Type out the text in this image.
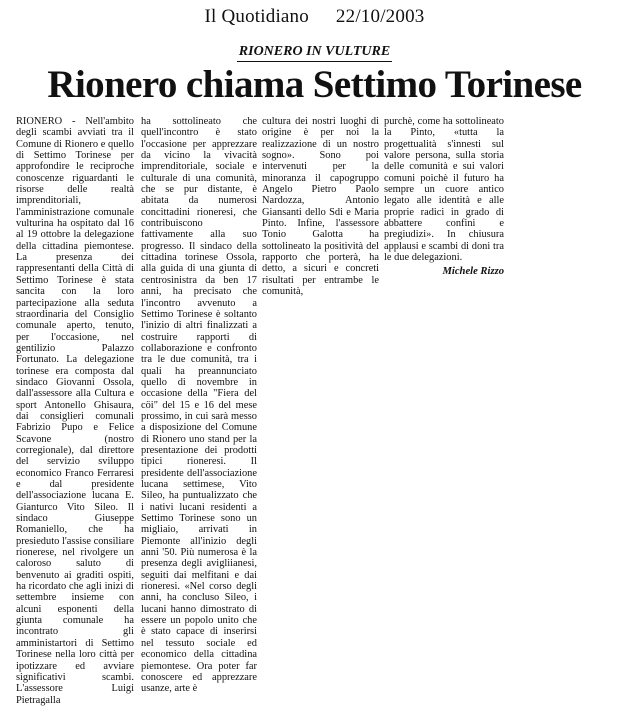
Il Quotidiano 22/10/2003
RIONERO IN VULTURE
Rionero chiama Settimo Torinese

RIONERO - Nell'ambito degli scambi avviati tra il Comune di Rionero e quello di Settimo Torinese per approfondire le reciproche conoscenze riguardanti le risorse delle realtà imprenditoriali, l'amministrazione comunale vulturina ha ospitato dal 16 al 19 ottobre la delegazione della cittadina piemontese. La presenza dei rappresentanti della Città di Settimo Torinese è stata sancita con la loro partecipazione alla seduta straordinaria del Consiglio comunale aperto, tenuto, per l'occasione, nel gentilizio Palazzo Fortunato. La delegazione torinese era composta dal sindaco Giovanni Ossola, dall'assessore alla Cultura e sport Antonello Ghisaura, dai consiglieri comunali Fabrizio Pupo e Felice Scavone (nostro corregionale), dal direttore del servizio sviluppo economico Franco Ferraresi e dal presidente dell'associazione lucana E. Gianturco Vito Sileo. Il sindaco Giuseppe Romaniello, che ha presieduto l'assise consiliare rionerese, nel rivolgere un caloroso saluto di benvenuto ai graditi ospiti, ha ricordato che agli inizi di settembre insieme con alcuni esponenti della giunta comunale ha incontrato gli amministartori di Settimo Torinese nella loro città per ipotizzare ed avviare significativi scambi. L'assessore Luigi Pietragalla

ha sottolineato che quell'incontro è stato l'occasione per apprezzare da vicino la vivacità imprenditoriale, sociale e culturale di una comunità, che se pur distante, è abitata da numerosi concittadini rioneresi, che contribuiscono fattivamente alla suo progresso. Il sindaco della cittadina torinese Ossola, alla guida di una giunta di centrosinistra da ben 17 anni, ha precisato che l'incontro avvenuto a Settimo Torinese è soltanto l'inizio di altri finalizzati a costruire rapporti di collaborazione e confronto tra le due comunità, tra i quali ha preannunciato quello di novembre in occasione della "Fiera del cöi" del 15 e 16 del mese prossimo, in cui sarà messo a disposizione del Comune di Rionero uno stand per la presentazione dei prodotti tipici rioneresi. Il presidente dell'associazione lucana settimese, Vito Sileo, ha puntualizzato che i nativi lucani residenti a Settimo Torinese sono un migliaio, arrivati in Piemonte all'inizio degli anni '50. Più numerosa è la presenza degli avigliianesi, seguiti dai melfitani e dai rioneresi. «Nel corso degli anni, ha concluso Sileo, i lucani hanno dimostrato di essere un popolo unito che è stato capace di inserirsi nel tessuto sociale ed economico della cittadina piemontese. Ora poter far conoscere ed apprezzare usanze, arte è

cultura dei nostri luoghi di origine è per noi la realizzazione di un nostro sogno». Sono poi intervenuti per la minoranza il capogruppo Angelo Pietro Paolo Nardozza, Antonio Giansanti dello Sdi e Maria Pinto. Infine, l'assessore Tonio Galotta ha sottolineato la positività del rapporto che porterà, ha detto, a sicuri e concreti risultati per entrambe le comunità,

purchè, come ha sottolineato la Pinto, «tutta la progettualità s'innesti sul valore persona, sulla storia delle comunità e sui valori comuni poichè il futuro ha sempre un cuore antico legato alle identità e alle proprie radici in grado di abbattere confini e pregiudizi». In chiusura applausi e scambi di doni tra le due delegazioni.

Michele Rizzo
